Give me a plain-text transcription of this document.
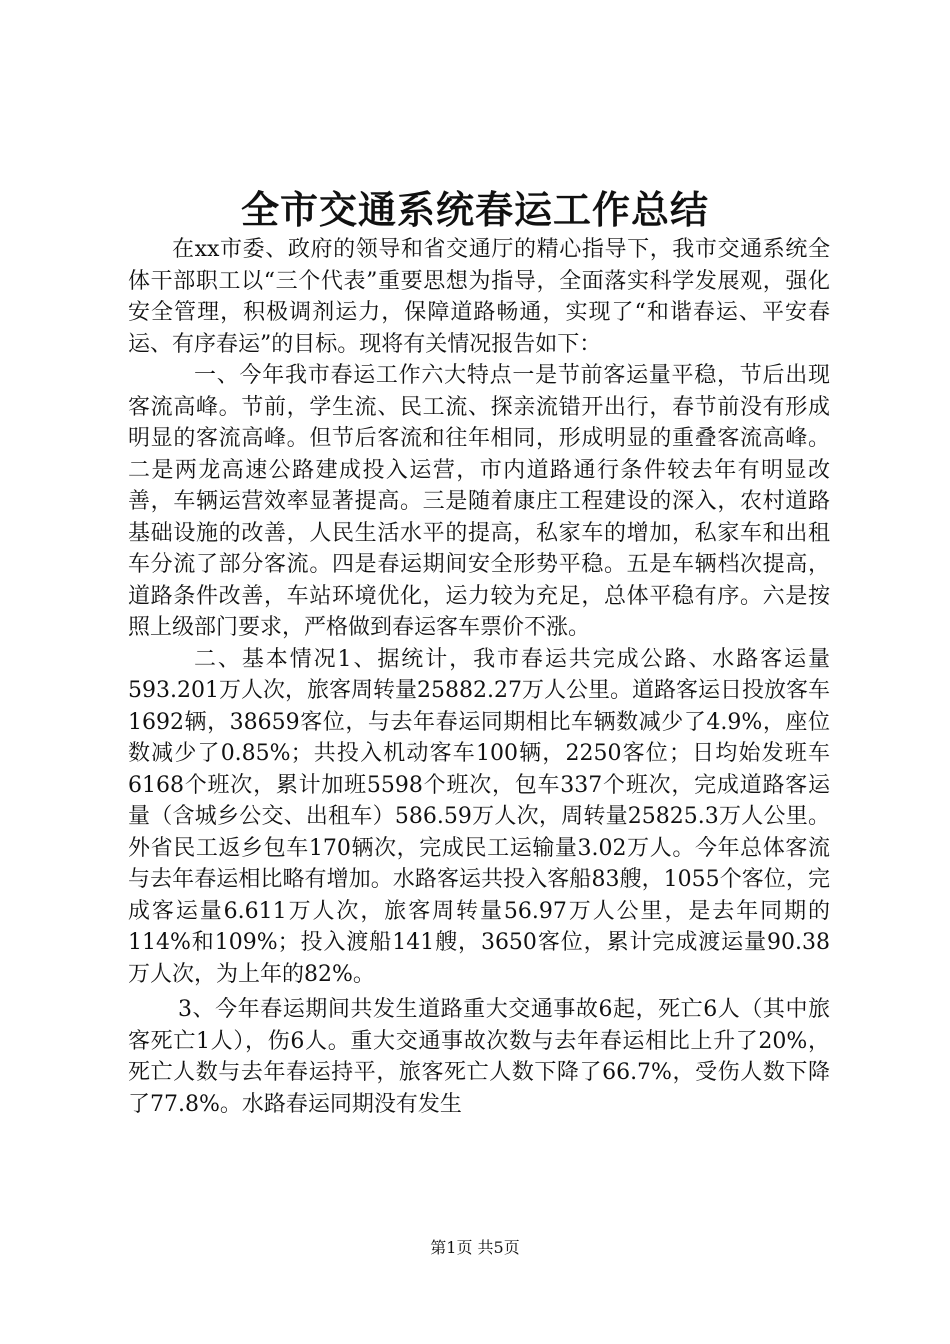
全市交通系统春运工作总结

在xx市委、政府的领导和省交通厅的精心指导下，我市交通系统全体干部职工以“三个代表”重要思想为指导，全面落实科学发展观，强化安全管理，积极调剂运力，保障道路畅通，实现了“和谐春运、平安春运、有序春运”的目标。现将有关情况报告如下：

一、今年我市春运工作六大特点一是节前客运量平稳，节后出现客流高峰。节前，学生流、民工流、探亲流错开出行，春节前没有形成明显的客流高峰。但节后客流和往年相同，形成明显的重叠客流高峰。二是两龙高速公路建成投入运营，市内道路通行条件较去年有明显改善，车辆运营效率显著提高。三是随着康庄工程建设的深入，农村道路基础设施的改善，人民生活水平的提高，私家车的增加，私家车和出租车分流了部分客流。四是春运期间安全形势平稳。五是车辆档次提高，道路条件改善，车站环境优化，运力较为充足，总体平稳有序。六是按照上级部门要求，严格做到春运客车票价不涨。

二、基本情况1、据统计，我市春运共完成公路、水路客运量593.201万人次，旅客周转量25882.27万人公里。道路客运日投放客车1692辆，38659客位，与去年春运同期相比车辆数减少了4.9%，座位数减少了0.85%；共投入机动客车100辆，2250客位；日均始发班车6168个班次，累计加班5598个班次，包车337个班次，完成道路客运量（含城乡公交、出租车）586.59万人次，周转量25825.3万人公里。外省民工返乡包车170辆次，完成民工运输量3.02万人。今年总体客流与去年春运相比略有增加。水路客运共投入客船83艘，1055个客位，完成客运量6.611万人次，旅客周转量56.97万人公里，是去年同期的114%和109%；投入渡船141艘，3650客位，累计完成渡运量90.38万人次，为上年的82%。

3、今年春运期间共发生道路重大交通事故6起，死亡6人（其中旅客死亡1人），伤6人。重大交通事故次数与去年春运相比上升了20%，死亡人数与去年春运持平，旅客死亡人数下降了66.7%，受伤人数下降了77.8%。水路春运同期没有发生

第1页 共5页
